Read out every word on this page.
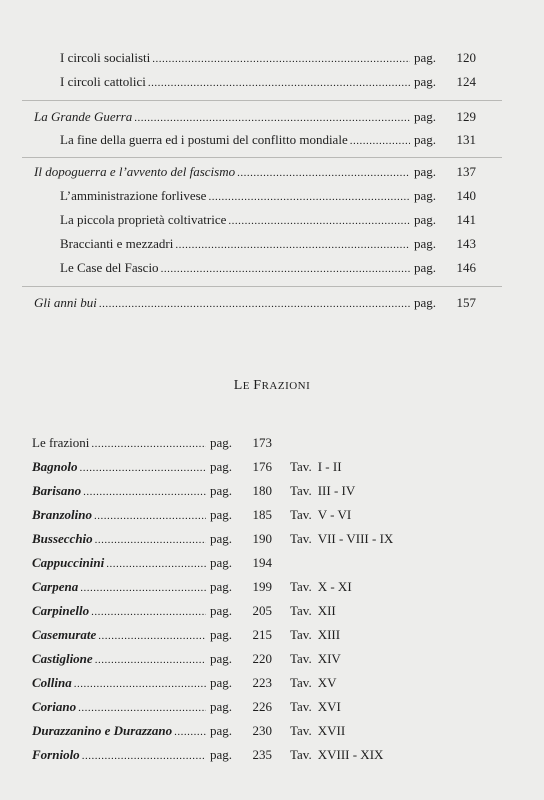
I circoli socialisti .....	pag.	120
I circoli cattolici .....	pag.	124
La Grande Guerra .....	pag.	129
La fine della guerra ed i postumi del conflitto mondiale .....	pag.	131
Il dopoguerra e l’avvento del fascismo .....	pag.	137
L’amministrazione forlivese .....	pag.	140
La piccola proprietà coltivatrice .....	pag.	141
Braccianti e mezzadri .....	pag.	143
Le Case del Fascio .....	pag.	146
Gli anni bui .....	pag.	157
LE FRAZIONI
Le frazioni .....	pag.	173
Bagnolo .....	pag.	176 Tav. I - II
Barisano .....	pag.	180 Tav. III - IV
Branzolino .....	pag.	185 Tav. V - VI
Bussecchio .....	pag.	190 Tav. VII - VIII - IX
Cappuccinini .....	pag.	194
Carpena .....	pag.	199 Tav. X - XI
Carpinello .....	pag.	205 Tav. XII
Casemurate .....	pag.	215 Tav. XIII
Castiglione .....	pag.	220 Tav. XIV
Collina .....	pag.	223 Tav. XV
Coriano .....	pag.	226 Tav. XVI
Durazzanino e Durazzano .....	pag.	230 Tav. XVII
Forniolo .....	pag.	235 Tav. XVIII - XIX
